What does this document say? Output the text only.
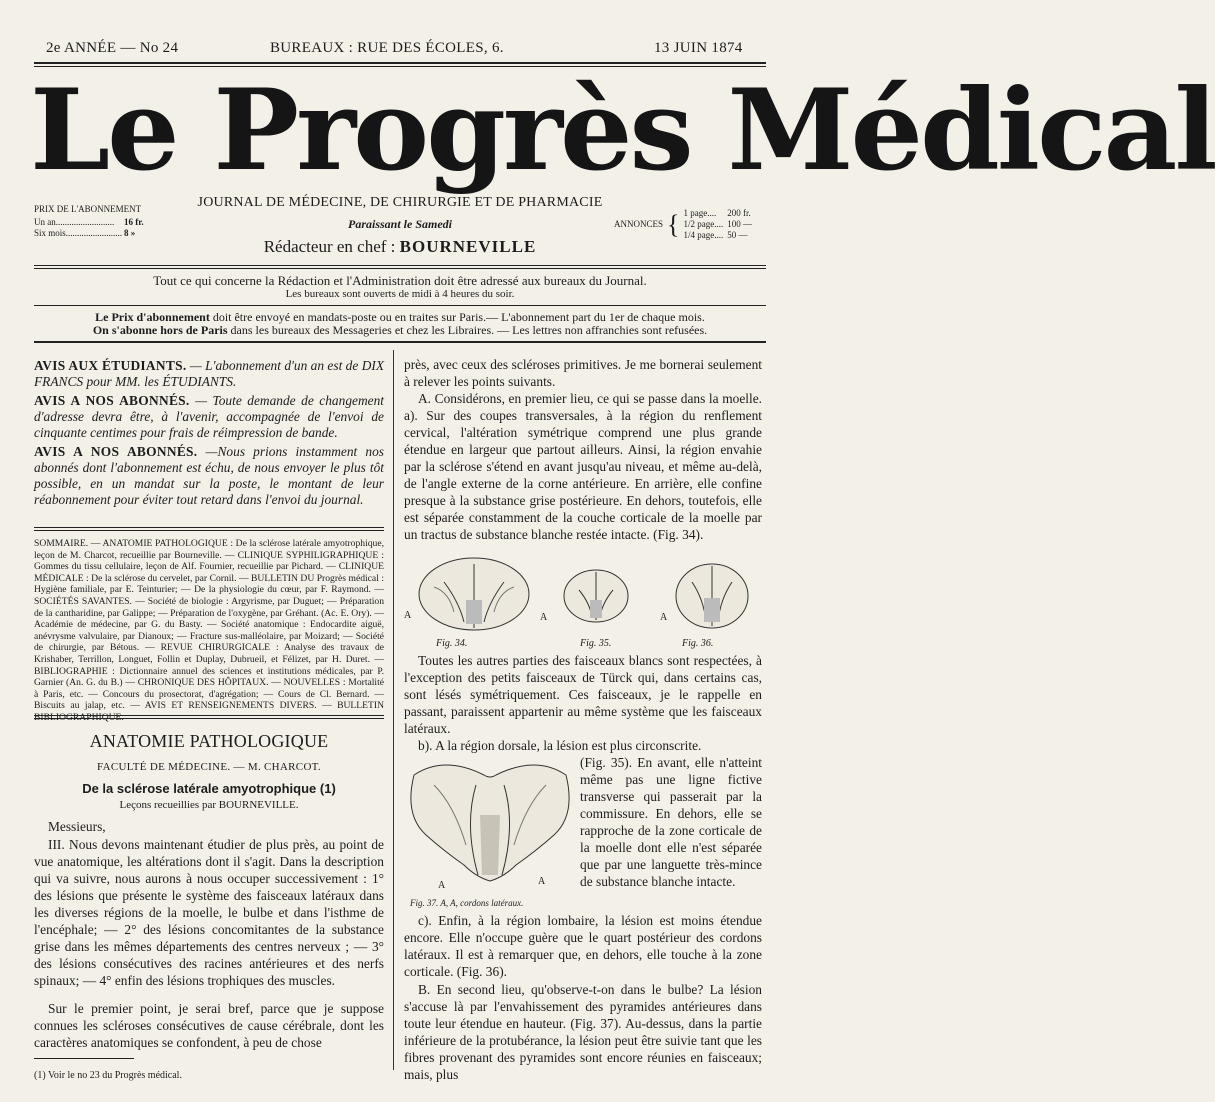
2e ANNÉE — No 24	BUREAUX : RUE DES ÉCOLES, 6.	13 JUIN 1874
Le Progrès Médical
PRIX DE L'ABONNEMENT
Un an..........................	16 fr.
Six mois.........................	8 »
JOURNAL DE MÉDECINE, DE CHIRURGIE ET DE PHARMACIE
Paraissant le Samedi
Rédacteur en chef : BOURNEVILLE
ANNONCES	{	1 page....	200 fr.
		1/2 page....	100 —
		1/4 page....	50 —
Tout ce qui concerne la Rédaction et l'Administration doit être adressé aux bureaux du Journal.
Les bureaux sont ouverts de midi à 4 heures du soir.
Le Prix d'abonnement doit être envoyé en mandats-poste ou en traites sur Paris.— L'abonnement part du 1er de chaque mois.
On s'abonne hors de Paris dans les bureaux des Messageries et chez les Libraires. — Les lettres non affranchies sont refusées.
AVIS AUX ÉTUDIANTS. — L'abonnement d'un an est de DIX FRANCS pour MM. les ÉTUDIANTS.
AVIS A NOS ABONNÉS. — Toute demande de changement d'adresse devra être, à l'avenir, accompagnée de l'envoi de cinquante centimes pour frais de réimpression de bande.
AVIS A NOS ABONNÉS. —Nous prions instamment nos abonnés dont l'abonnement est échu, de nous envoyer le plus tôt possible, en un mandat sur la poste, le montant de leur réabonnement pour éviter tout retard dans l'envoi du journal.
SOMMAIRE. — ANATOMIE PATHOLOGIQUE : De la sclérose latérale amyotrophique, leçon de M. Charcot, recueillie par Bourneville. — CLINIQUE SYPHILIGRAPHIQUE : Gommes du tissu cellulaire, leçon de Alf. Fournier, recueillie par Pichard. — CLINIQUE MÉDICALE : De la sclérose du cervelet, par Cornil. — BULLETIN DU Progrès médical : Hygiène familiale, par E. Teinturier; — De la physiologie du cœur, par F. Raymond. — SOCIÉTÉS SAVANTES. — Société de biologie : Argyrisme, par Duguet; — Préparation de la cantharidine, par Galippe; — Préparation de l'oxygène, par Gréhant. (Ac. E. Ory). — Académie de médecine, par G. du Basty. — Société anatomique : Endocardite aiguë, anévrysme valvulaire, par Dianoux; — Fracture sus-malléolaire, par Moizard; — Société de chirurgie, par Bétous. — REVUE CHIRURGICALE : Analyse des travaux de Krishaber, Terrillon, Longuet, Follin et Duplay, Dubrueil, et Félizet, par H. Duret. — BIBLIOGRAPHIE : Dictionnaire annuel des sciences et institutions médicales, par P. Garnier (An. G. du B.) — CHRONIQUE DES HÔPITAUX. — NOUVELLES : Mortalité à Paris, etc. — Concours du prosectorat, d'agrégation; — Cours de Cl. Bernard. — Biscuits au jalap, etc. — AVIS ET RENSEIGNEMENTS DIVERS. — BULLETIN
ANATOMIE PATHOLOGIQUE
FACULTÉ DE MÉDECINE. — M. CHARCOT.
De la sclérose latérale amyotrophique (1)
Leçons recueillies par BOURNEVILLE.
Messieurs,
III. Nous devons maintenant étudier de plus près, au point de vue anatomique, les altérations dont il s'agit. Dans la description qui va suivre, nous aurons à nous occuper successivement : 1° des lésions que présente le système des faisceaux latéraux dans les diverses régions de la moelle, le bulbe et dans l'isthme de l'encéphale; — 2° des lésions concomitantes de la substance grise dans les mêmes départements des centres nerveux ; — 3° des lésions consécutives des racines antérieures et des nerfs spinaux; — 4° enfin des lésions trophiques des muscles.
Sur le premier point, je serai bref, parce que je suppose connues les scléroses consécutives de cause cérébrale, dont les caractères anatomiques se confondent, à peu de chose
(1) Voir le no 23 du Progrès médical.
près, avec ceux des scléroses primitives. Je me bornerai seulement à relever les points suivants.
A. Considérons, en premier lieu, ce qui se passe dans la moelle. a). Sur des coupes transversales, à la région du renflement cervical, l'altération symétrique comprend une plus grande étendue en largeur que partout ailleurs. Ainsi, la région envahie par la sclérose s'étend en avant jusqu'au niveau, et même au-delà, de l'angle externe de la corne antérieure. En arrière, elle confine presque à la substance grise postérieure. En dehors, toutefois, elle est séparée constamment de la couche corticale de la moelle par un tractus de substance blanche restée intacte. (Fig. 34).
A	A	A
Fig. 34.	Fig. 35.	Fig. 36.
Toutes les autres parties des faisceaux blancs sont respectées, à l'exception des petits faisceaux de Türck qui, dans certains cas, sont lésés symétriquement. Ces faisceaux, je le rappelle en passant, paraissent appartenir au même système que les faisceaux latéraux.
b). A la région dorsale, la lésion est plus circonscrite.
A	A
Fig. 37. A, A, cordons latéraux.
(Fig. 35). En avant, elle n'atteint même pas une ligne fictive transverse qui passerait par la commissure. En dehors, elle se rapproche de la zone corticale de la moelle dont elle n'est séparée que par une languette très-mince de substance blanche intacte.
c). Enfin, à la région lombaire, la lésion est moins étendue encore. Elle n'occupe guère que le quart postérieur des cordons latéraux. Il est à remarquer que, en dehors, elle touche à la zone corticale. (Fig. 36).
B. En second lieu, qu'observe-t-on dans le bulbe? La lésion s'accuse là par l'envahissement des pyramides antérieures dans toute leur étendue en hauteur. (Fig. 37). Au-dessus, dans la partie inférieure de la protubérance, la lésion peut être suivie tant que les fibres provenant des pyramides sont encore réunies en faisceaux; mais, plus
